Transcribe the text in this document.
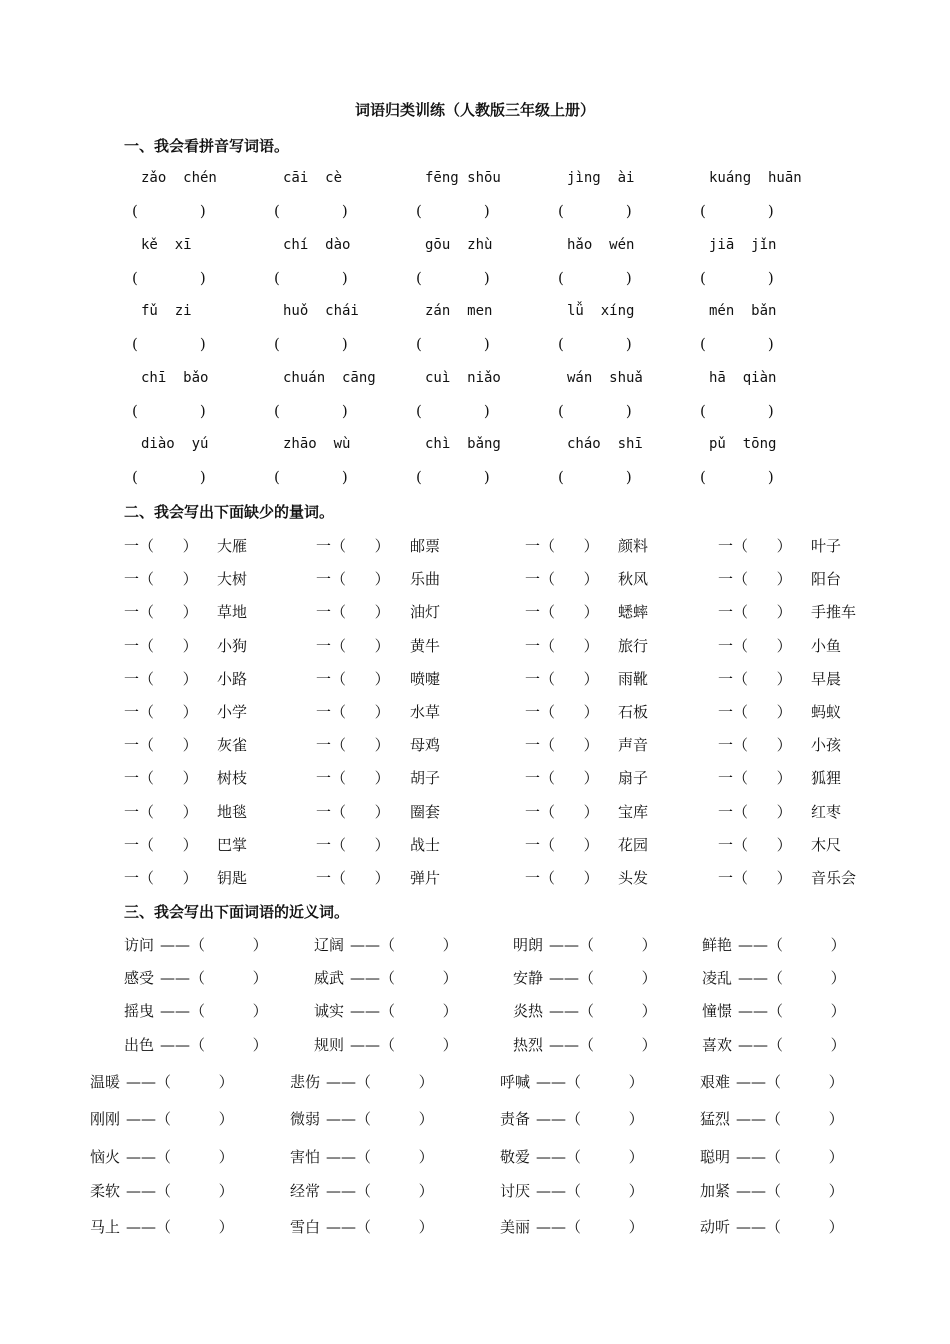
词语归类训练（人教版三年级上册）
一、我会看拼音写词语。
zǎo  chén	cāi  cè	fēng shōu	jìng  ài	kuáng  huān
(             )	(             )	(             )	(             )	(             )
kě  xī	chí  dào	gōu  zhù	hǎo  wén	jiā  jǐn
(             )	(             )	(             )	(             )	(             )
fǔ  zi	huǒ  chái	zán  men	lǚ  xíng	mén  bǎn
(             )	(             )	(             )	(             )	(             )
chī  bǎo	chuán  cāng	cuì  niǎo	wán  shuǎ	hā  qiàn
(             )	(             )	(             )	(             )	(             )
diào  yú	zhāo  wù	chì  bǎng	cháo  shī	pǔ  tōng
(             )	(             )	(             )	(             )	(             )
二、我会写出下面缺少的量词。
一（      ） 大雁	一（      ） 邮票	一（      ） 颜料	一（      ） 叶子
一（      ） 大树	一（      ） 乐曲	一（      ） 秋风	一（      ） 阳台
一（      ） 草地	一（      ） 油灯	一（      ） 蟋蟀	一（      ） 手推车
一（      ） 小狗	一（      ） 黄牛	一（      ） 旅行	一（      ） 小鱼
一（      ） 小路	一（      ） 喷嚏	一（      ） 雨靴	一（      ） 早晨
一（      ） 小学	一（      ） 水草	一（      ） 石板	一（      ） 蚂蚁
一（      ） 灰雀	一（      ） 母鸡	一（      ） 声音	一（      ） 小孩
一（      ） 树枝	一（      ） 胡子	一（      ） 扇子	一（      ） 狐狸
一（      ） 地毯	一（      ） 圈套	一（      ） 宝库	一（      ） 红枣
一（      ） 巴掌	一（      ） 战士	一（      ） 花园	一（      ） 木尺
一（      ） 钥匙	一（      ） 弹片	一（      ） 头发	一（      ） 音乐会
三、我会写出下面词语的近义词。
访问 ——（          ）	辽阔 ——（          ）	明朗 ——（          ）	鲜艳 ——（          ）
感受 ——（          ）	威武 ——（          ）	安静 ——（          ）	凌乱 ——（          ）
摇曳 ——（          ）	诚实 ——（          ）	炎热 ——（          ）	憧憬 ——（          ）
出色 ——（          ）	规则 ——（          ）	热烈 ——（          ）	喜欢 ——（          ）
温暖 ——（          ）	悲伤 ——（          ）	呼喊 ——（          ）	艰难 ——（          ）
刚刚 ——（          ）	微弱 ——（          ）	责备 ——（          ）	猛烈 ——（          ）
恼火 ——（          ）	害怕 ——（          ）	敬爱 ——（          ）	聪明 ——（          ）
柔软 ——（          ）	经常 ——（          ）	讨厌 ——（          ）	加紧 ——（          ）
马上 ——（          ）	雪白 ——（          ）	美丽 ——（          ）	动听 ——（          ）
